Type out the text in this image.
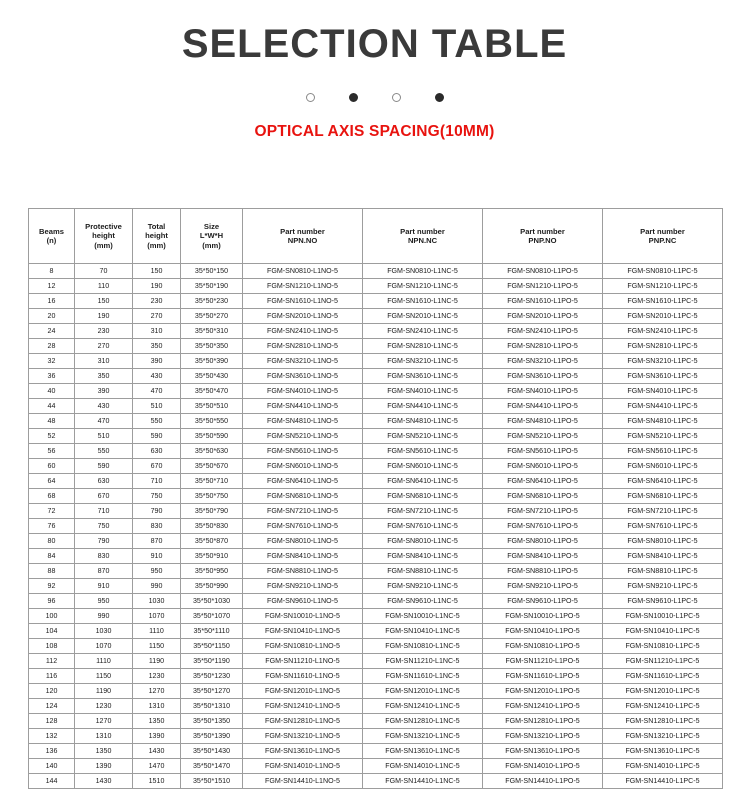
SELECTION TABLE
OPTICAL AXIS SPACING(10MM)
Beams
(n)	Protective
height
(mm)	Total
height
(mm)	Size
L*W*H
(mm)	Part number
NPN.NO	Part number
NPN.NC	Part number
PNP.NO	Part number
PNP.NC

8	70	150	35*50*150	FGM-SN0810-L1NO-5	FGM-SN0810-L1NC-5	FGM-SN0810-L1PO-5	FGM-SN0810-L1PC-5
12	110	190	35*50*190	FGM-SN1210-L1NO-5	FGM-SN1210-L1NC-5	FGM-SN1210-L1PO-5	FGM-SN1210-L1PC-5
16	150	230	35*50*230	FGM-SN1610-L1NO-5	FGM-SN1610-L1NC-5	FGM-SN1610-L1PO-5	FGM-SN1610-L1PC-5
20	190	270	35*50*270	FGM-SN2010-L1NO-5	FGM-SN2010-L1NC-5	FGM-SN2010-L1PO-5	FGM-SN2010-L1PC-5
24	230	310	35*50*310	FGM-SN2410-L1NO-5	FGM-SN2410-L1NC-5	FGM-SN2410-L1PO-5	FGM-SN2410-L1PC-5
28	270	350	35*50*350	FGM-SN2810-L1NO-5	FGM-SN2810-L1NC-5	FGM-SN2810-L1PO-5	FGM-SN2810-L1PC-5
32	310	390	35*50*390	FGM-SN3210-L1NO-5	FGM-SN3210-L1NC-5	FGM-SN3210-L1PO-5	FGM-SN3210-L1PC-5
36	350	430	35*50*430	FGM-SN3610-L1NO-5	FGM-SN3610-L1NC-5	FGM-SN3610-L1PO-5	FGM-SN3610-L1PC-5
40	390	470	35*50*470	FGM-SN4010-L1NO-5	FGM-SN4010-L1NC-5	FGM-SN4010-L1PO-5	FGM-SN4010-L1PC-5
44	430	510	35*50*510	FGM-SN4410-L1NO-5	FGM-SN4410-L1NC-5	FGM-SN4410-L1PO-5	FGM-SN4410-L1PC-5
48	470	550	35*50*550	FGM-SN4810-L1NO-5	FGM-SN4810-L1NC-5	FGM-SN4810-L1PO-5	FGM-SN4810-L1PC-5
52	510	590	35*50*590	FGM-SN5210-L1NO-5	FGM-SN5210-L1NC-5	FGM-SN5210-L1PO-5	FGM-SN5210-L1PC-5
56	550	630	35*50*630	FGM-SN5610-L1NO-5	FGM-SN5610-L1NC-5	FGM-SN5610-L1PO-5	FGM-SN5610-L1PC-5
60	590	670	35*50*670	FGM-SN6010-L1NO-5	FGM-SN6010-L1NC-5	FGM-SN6010-L1PO-5	FGM-SN6010-L1PC-5
64	630	710	35*50*710	FGM-SN6410-L1NO-5	FGM-SN6410-L1NC-5	FGM-SN6410-L1PO-5	FGM-SN6410-L1PC-5
68	670	750	35*50*750	FGM-SN6810-L1NO-5	FGM-SN6810-L1NC-5	FGM-SN6810-L1PO-5	FGM-SN6810-L1PC-5
72	710	790	35*50*790	FGM-SN7210-L1NO-5	FGM-SN7210-L1NC-5	FGM-SN7210-L1PO-5	FGM-SN7210-L1PC-5
76	750	830	35*50*830	FGM-SN7610-L1NO-5	FGM-SN7610-L1NC-5	FGM-SN7610-L1PO-5	FGM-SN7610-L1PC-5
80	790	870	35*50*870	FGM-SN8010-L1NO-5	FGM-SN8010-L1NC-5	FGM-SN8010-L1PO-5	FGM-SN8010-L1PC-5
84	830	910	35*50*910	FGM-SN8410-L1NO-5	FGM-SN8410-L1NC-5	FGM-SN8410-L1PO-5	FGM-SN8410-L1PC-5
88	870	950	35*50*950	FGM-SN8810-L1NO-5	FGM-SN8810-L1NC-5	FGM-SN8810-L1PO-5	FGM-SN8810-L1PC-5
92	910	990	35*50*990	FGM-SN9210-L1NO-5	FGM-SN9210-L1NC-5	FGM-SN9210-L1PO-5	FGM-SN9210-L1PC-5
96	950	1030	35*50*1030	FGM-SN9610-L1NO-5	FGM-SN9610-L1NC-5	FGM-SN9610-L1PO-5	FGM-SN9610-L1PC-5
100	990	1070	35*50*1070	FGM-SN10010-L1NO-5	FGM-SN10010-L1NC-5	FGM-SN10010-L1PO-5	FGM-SN10010-L1PC-5
104	1030	1110	35*50*1110	FGM-SN10410-L1NO-5	FGM-SN10410-L1NC-5	FGM-SN10410-L1PO-5	FGM-SN10410-L1PC-5
108	1070	1150	35*50*1150	FGM-SN10810-L1NO-5	FGM-SN10810-L1NC-5	FGM-SN10810-L1PO-5	FGM-SN10810-L1PC-5
112	1110	1190	35*50*1190	FGM-SN11210-L1NO-5	FGM-SN11210-L1NC-5	FGM-SN11210-L1PO-5	FGM-SN11210-L1PC-5
116	1150	1230	35*50*1230	FGM-SN11610-L1NO-5	FGM-SN11610-L1NC-5	FGM-SN11610-L1PO-5	FGM-SN11610-L1PC-5
120	1190	1270	35*50*1270	FGM-SN12010-L1NO-5	FGM-SN12010-L1NC-5	FGM-SN12010-L1PO-5	FGM-SN12010-L1PC-5
124	1230	1310	35*50*1310	FGM-SN12410-L1NO-5	FGM-SN12410-L1NC-5	FGM-SN12410-L1PO-5	FGM-SN12410-L1PC-5
128	1270	1350	35*50*1350	FGM-SN12810-L1NO-5	FGM-SN12810-L1NC-5	FGM-SN12810-L1PO-5	FGM-SN12810-L1PC-5
132	1310	1390	35*50*1390	FGM-SN13210-L1NO-5	FGM-SN13210-L1NC-5	FGM-SN13210-L1PO-5	FGM-SN13210-L1PC-5
136	1350	1430	35*50*1430	FGM-SN13610-L1NO-5	FGM-SN13610-L1NC-5	FGM-SN13610-L1PO-5	FGM-SN13610-L1PC-5
140	1390	1470	35*50*1470	FGM-SN14010-L1NO-5	FGM-SN14010-L1NC-5	FGM-SN14010-L1PO-5	FGM-SN14010-L1PC-5
144	1430	1510	35*50*1510	FGM-SN14410-L1NO-5	FGM-SN14410-L1NC-5	FGM-SN14410-L1PO-5	FGM-SN14410-L1PC-5
